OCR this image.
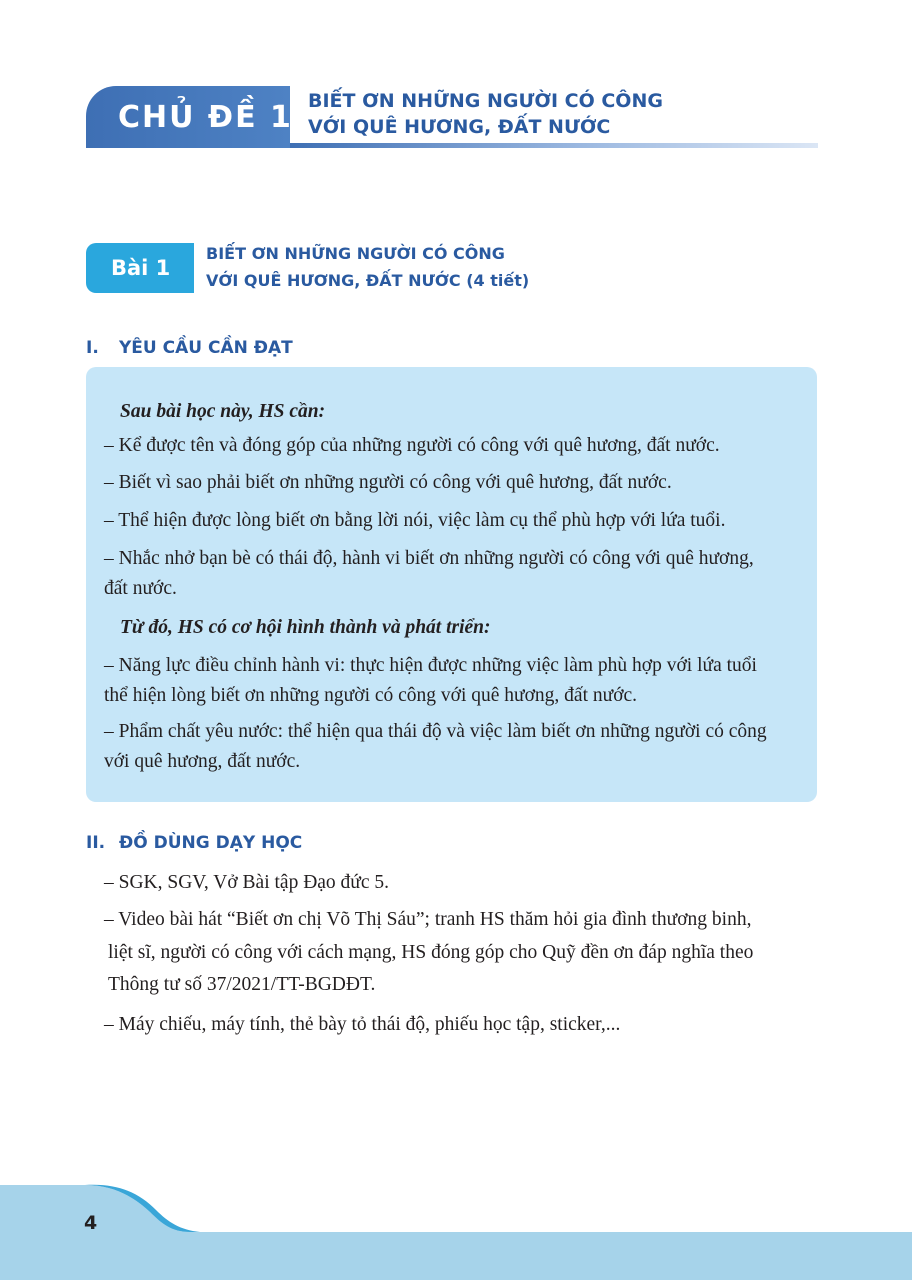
CHỦ ĐỀ 1 BIẾT ƠN NHỮNG NGƯỜI CÓ CÔNG
VỚI QUÊ HƯƠNG, ĐẤT NƯỚC
Bài 1
BIẾT ƠN NHỮNG NGƯỜI CÓ CÔNG
VỚI QUÊ HƯƠNG, ĐẤT NƯỚC (4 tiết)
I. YÊU CẦU CẦN ĐẠT
Sau bài học này, HS cần:
– Kể được tên và đóng góp của những người có công với quê hương, đất nước.
– Biết vì sao phải biết ơn những người có công với quê hương, đất nước.
– Thể hiện được lòng biết ơn bằng lời nói, việc làm cụ thể phù hợp với lứa tuổi.
– Nhắc nhở bạn bè có thái độ, hành vi biết ơn những người có công với quê hương,
đất nước.
Từ đó, HS có cơ hội hình thành và phát triển:
– Năng lực điều chỉnh hành vi: thực hiện được những việc làm phù hợp với lứa tuổi
thể hiện lòng biết ơn những người có công với quê hương, đất nước.
– Phẩm chất yêu nước: thể hiện qua thái độ và việc làm biết ơn những người có công
với quê hương, đất nước.
II. ĐỒ DÙNG DẠY HỌC
– SGK, SGV, Vở Bài tập Đạo đức 5.
– Video bài hát “Biết ơn chị Võ Thị Sáu”; tranh HS thăm hỏi gia đình thương binh,
liệt sĩ, người có công với cách mạng, HS đóng góp cho Quỹ đền ơn đáp nghĩa theo
Thông tư số 37/2021/TT-BGDĐT.
– Máy chiếu, máy tính, thẻ bày tỏ thái độ, phiếu học tập, sticker,...
4
